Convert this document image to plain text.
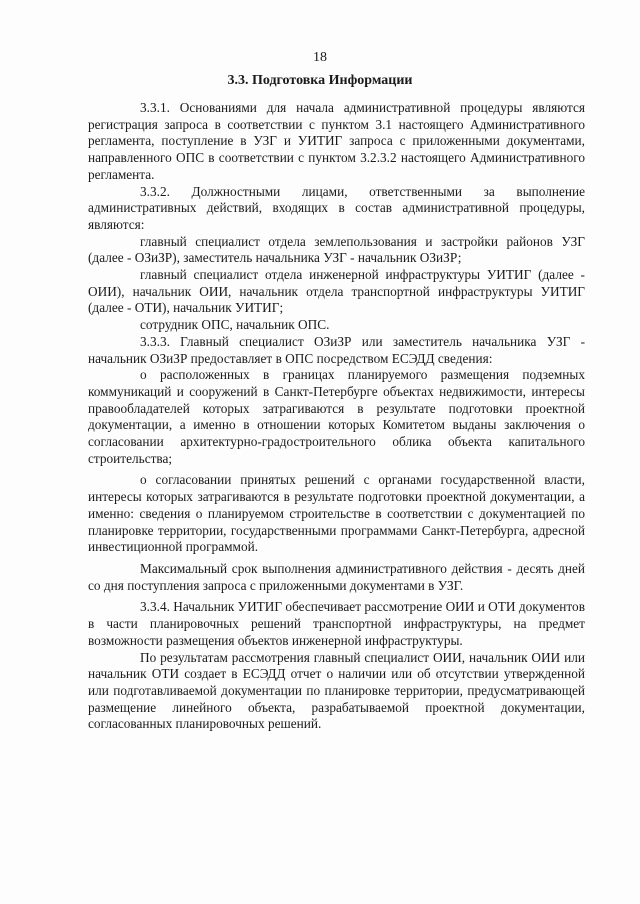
18
3.3. Подготовка Информации

3.3.1. Основаниями для начала административной процедуры являются регистрация запроса в соответствии с пунктом 3.1 настоящего Административного регламента, поступление в УЗГ и УИТИГ запроса с приложенными документами, направленного ОПС в соответствии с пунктом 3.2.3.2 настоящего Административного регламента.

3.3.2. Должностными лицами, ответственными за выполнение административных действий, входящих в состав административной процедуры, являются:

главный специалист отдела землепользования и застройки районов УЗГ (далее - ОЗиЗР), заместитель начальника УЗГ - начальник ОЗиЗР;

главный специалист отдела инженерной инфраструктуры УИТИГ (далее - ОИИ), начальник ОИИ, начальник отдела транспортной инфраструктуры УИТИГ (далее - ОТИ), начальник УИТИГ;

сотрудник ОПС, начальник ОПС.

3.3.3. Главный специалист ОЗиЗР или заместитель начальника УЗГ - начальник ОЗиЗР предоставляет в ОПС посредством ЕСЭДД сведения:

о расположенных в границах планируемого размещения подземных коммуникаций и сооружений в Санкт-Петербурге объектах недвижимости, интересы правообладателей которых затрагиваются в результате подготовки проектной документации, а именно в отношении которых Комитетом выданы заключения о согласовании архитектурно-градостроительного облика объекта капитального строительства;

о согласовании принятых решений с органами государственной власти, интересы которых затрагиваются в результате подготовки проектной документации, а именно: сведения о планируемом строительстве в соответствии с документацией по планировке территории, государственными программами Санкт-Петербурга, адресной инвестиционной программой.

Максимальный срок выполнения административного действия - десять дней со дня поступления запроса с приложенными документами в УЗГ.

3.3.4. Начальник УИТИГ обеспечивает рассмотрение ОИИ и ОТИ документов в части планировочных решений транспортной инфраструктуры, на предмет возможности размещения объектов инженерной инфраструктуры.

По результатам рассмотрения главный специалист ОИИ, начальник ОИИ или начальник ОТИ создает в ЕСЭДД отчет о наличии или об отсутствии утвержденной или подготавливаемой документации по планировке территории, предусматривающей размещение линейного объекта, разрабатываемой проектной документации, согласованных планировочных решений.
